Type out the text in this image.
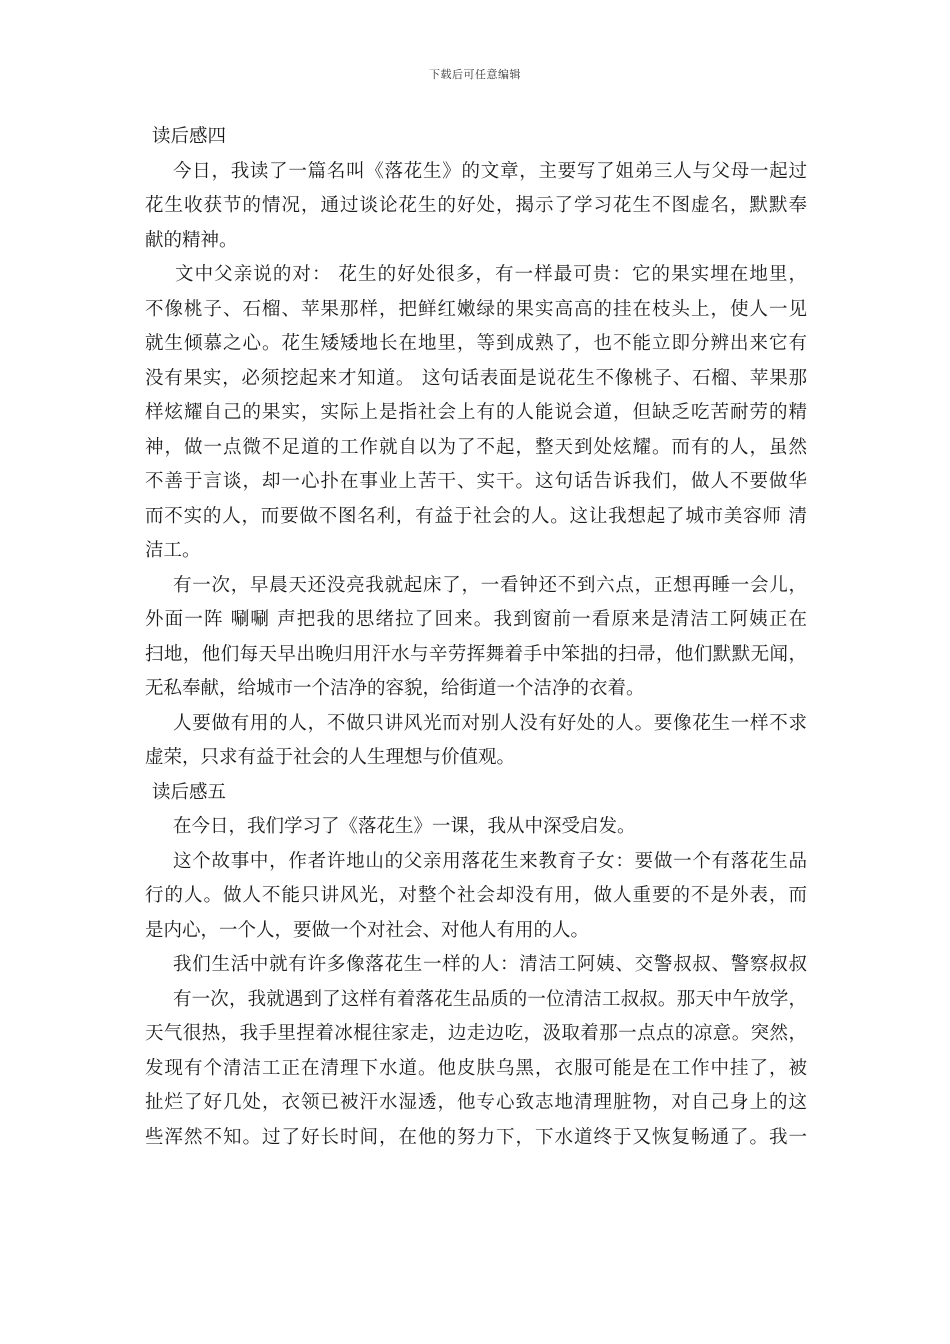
下载后可任意编辑
读后感四
今日，我读了一篇名叫《落花生》的文章，主要写了姐弟三人与父母一起过
花生收获节的情况，通过谈论花生的好处，揭示了学习花生不图虚名，默默奉
献的精神。
文中父亲说的对： 花生的好处很多，有一样最可贵：它的果实埋在地里，
不像桃子、石榴、苹果那样，把鲜红嫩绿的果实高高的挂在枝头上，使人一见
就生倾慕之心。花生矮矮地长在地里，等到成熟了，也不能立即分辨出来它有
没有果实，必须挖起来才知道。 这句话表面是说花生不像桃子、石榴、苹果那
样炫耀自己的果实，实际上是指社会上有的人能说会道，但缺乏吃苦耐劳的精
神，做一点微不足道的工作就自以为了不起，整天到处炫耀。而有的人，虽然
不善于言谈，却一心扑在事业上苦干、实干。这句话告诉我们，做人不要做华
而不实的人，而要做不图名利，有益于社会的人。这让我想起了城市美容师 清
洁工。
有一次，早晨天还没亮我就起床了，一看钟还不到六点，正想再睡一会儿，
外面一阵 唰唰 声把我的思绪拉了回来。我到窗前一看原来是清洁工阿姨正在
扫地，他们每天早出晚归用汗水与辛劳挥舞着手中笨拙的扫帚，他们默默无闻，
无私奉献，给城市一个洁净的容貌，给街道一个洁净的衣着。
人要做有用的人，不做只讲风光而对别人没有好处的人。要像花生一样不求
虚荣，只求有益于社会的人生理想与价值观。
读后感五
在今日，我们学习了《落花生》一课，我从中深受启发。
这个故事中，作者许地山的父亲用落花生来教育子女：要做一个有落花生品
行的人。做人不能只讲风光，对整个社会却没有用，做人重要的不是外表，而
是内心，一个人，要做一个对社会、对他人有用的人。
我们生活中就有许多像落花生一样的人：清洁工阿姨、交警叔叔、警察叔叔
有一次，我就遇到了这样有着落花生品质的一位清洁工叔叔。那天中午放学，
天气很热，我手里捏着冰棍往家走，边走边吃，汲取着那一点点的凉意。突然，
发现有个清洁工正在清理下水道。他皮肤乌黑，衣服可能是在工作中挂了，被
扯烂了好几处，衣领已被汗水湿透，他专心致志地清理脏物，对自己身上的这
些浑然不知。过了好长时间，在他的努力下，下水道终于又恢复畅通了。我一
